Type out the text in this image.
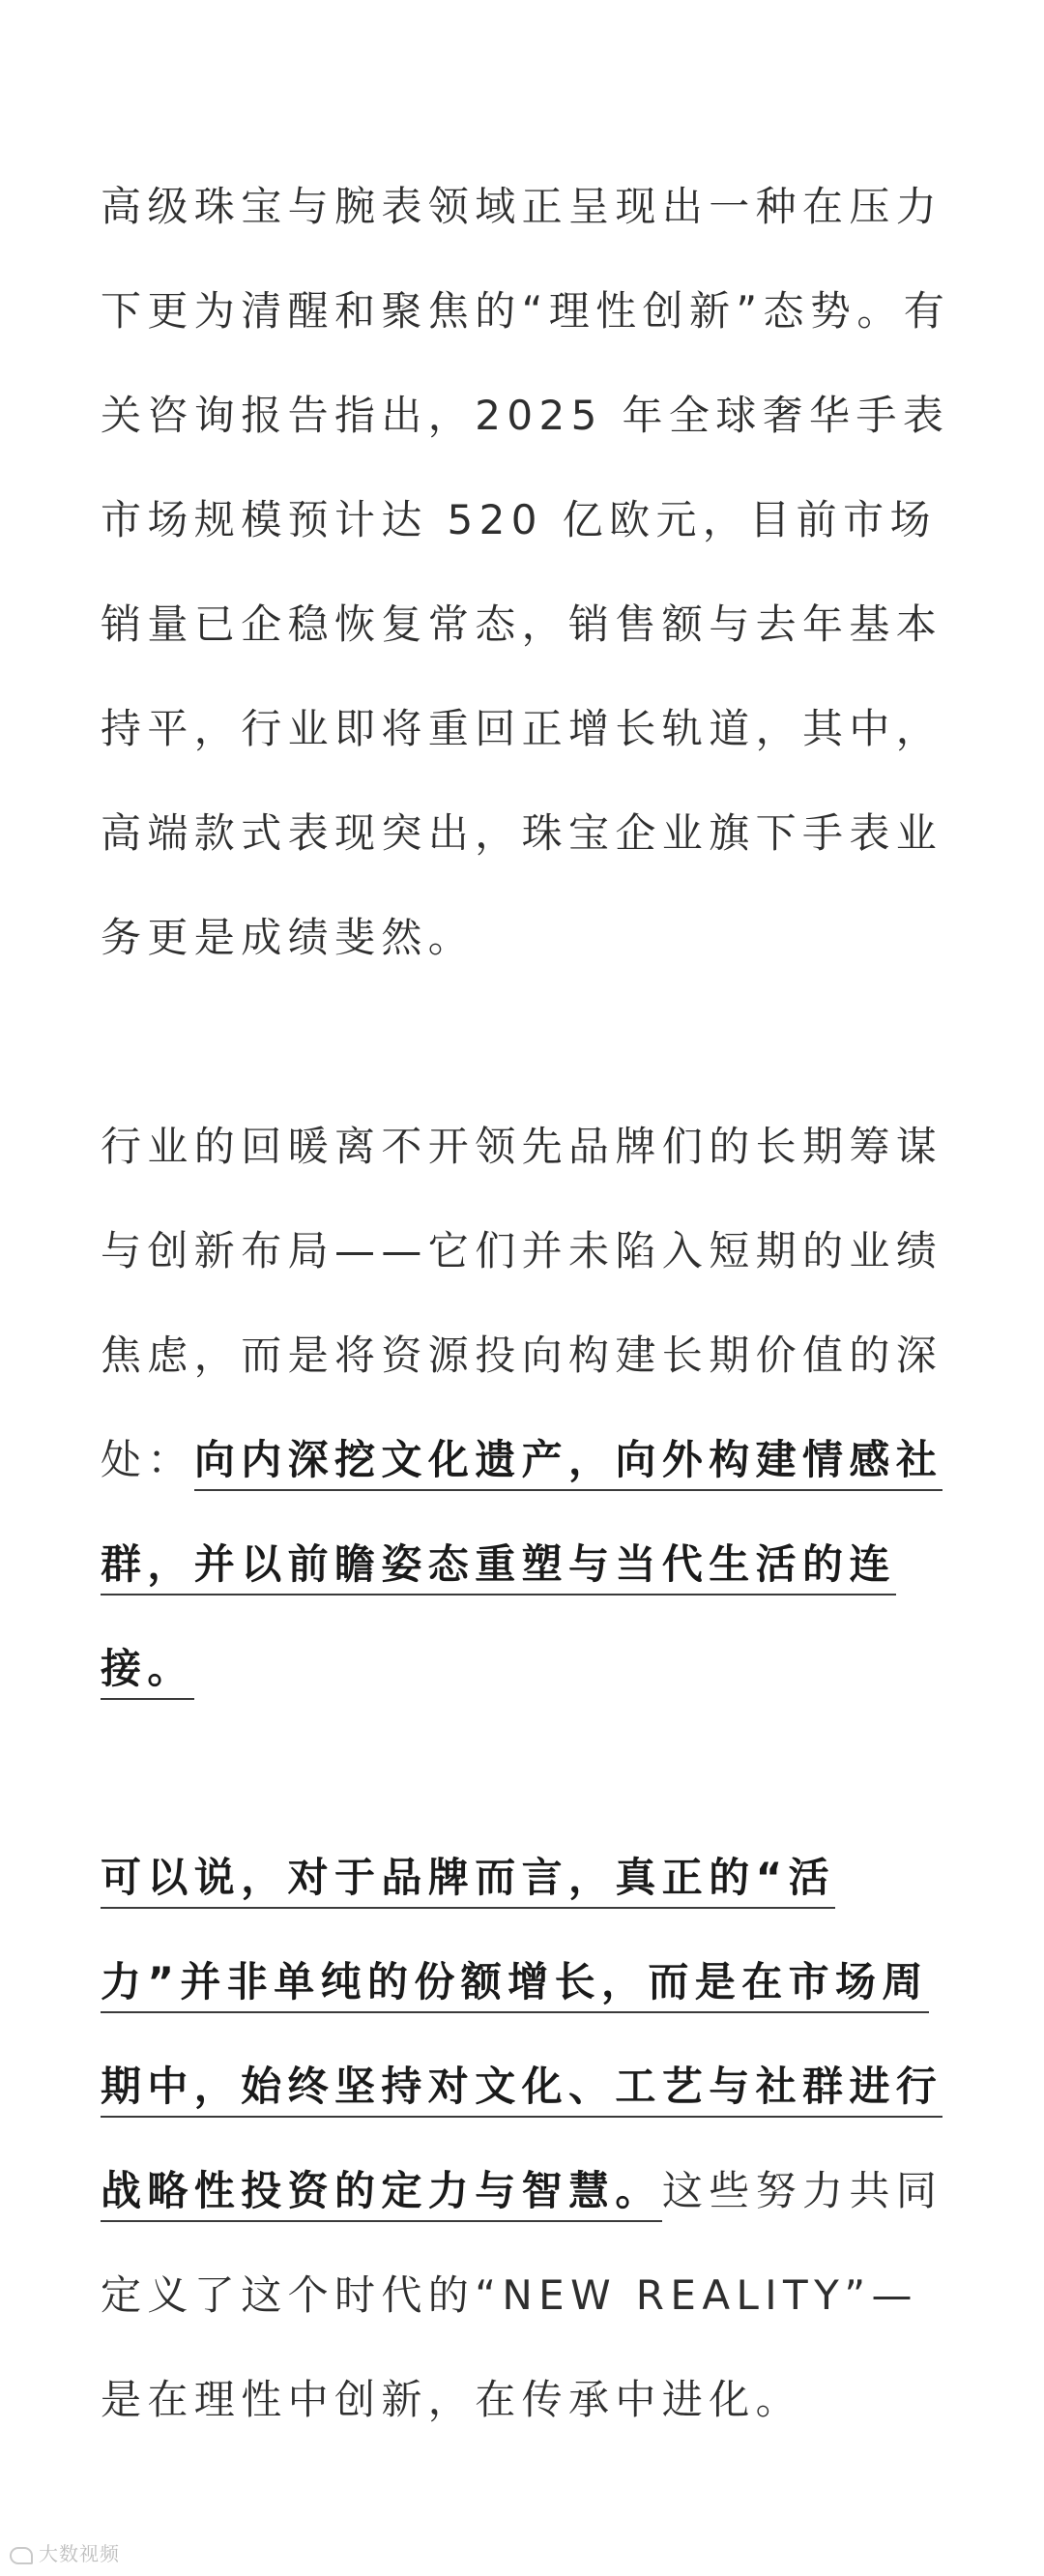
高级珠宝与腕表领域正呈现出一种在压力下更为清醒和聚焦的“理性创新”态势。有关咨询报告指出，2025 年全球奢华手表市场规模预计达 520 亿欧元，目前市场销量已企稳恢复常态，销售额与去年基本持平，行业即将重回正增长轨道，其中，高端款式表现突出，珠宝企业旗下手表业务更是成绩斐然。

行业的回暖离不开领先品牌们的长期筹谋与创新布局——它们并未陷入短期的业绩焦虑，而是将资源投向构建长期价值的深处：向内深挖文化遗产，向外构建情感社群，并以前瞻姿态重塑与当代生活的连接。

可以说，对于品牌而言，真正的“活力”并非单纯的份额增长，而是在市场周期中，始终坚持对文化、工艺与社群进行战略性投资的定力与智慧。这些努力共同定义了这个时代的“NEW REALITY”—是在理性中创新，在传承中进化。

大数视频
